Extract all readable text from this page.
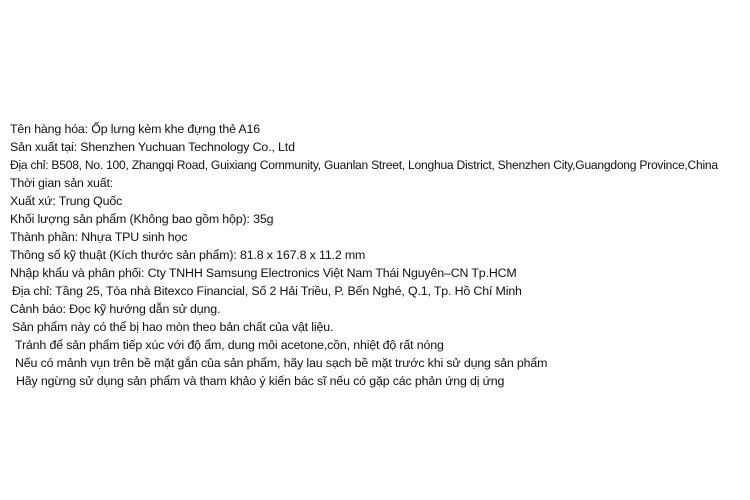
Tên hàng hóa: Ốp lưng kèm khe đựng thẻ A16
Sản xuất tại: Shenzhen Yuchuan Technology Co., Ltd
Địa chỉ: B508, No. 100, Zhangqi Road, Guixiang Community, Guanlan Street, Longhua District, Shenzhen City,Guangdong Province,China
Thời gian sản xuất:
Xuất xứ: Trung Quốc
Khối lượng sản phẩm (Không bao gồm hộp): 35g
Thành phần: Nhựa TPU sinh học
Thông số kỹ thuật (Kích thước sản phẩm): 81.8 x 167.8 x 11.2 mm
Nhập khẩu và phân phối: Cty TNHH Samsung Electronics Việt Nam Thái Nguyên–CN Tp.HCM
Địa chỉ: Tầng 25, Tòa nhà Bitexco Financial, Số 2 Hải Triều, P. Bến Nghé, Q.1, Tp. Hồ Chí Minh
Cảnh báo: Đọc kỹ hướng dẫn sử dụng.
Sản phẩm này có thể bị hao mòn theo bản chất của vật liệu.
Tránh để sản phẩm tiếp xúc với độ ẩm, dung môi acetone,cồn, nhiệt độ rất nóng
Nếu có mảnh vụn trên bề mặt gắn của sản phẩm, hãy lau sạch bề mặt trước khi sử dụng sản phẩm
Hãy ngừng sử dụng sản phẩm và tham khảo ý kiến bác sĩ nếu có gặp các phản ứng dị ứng
